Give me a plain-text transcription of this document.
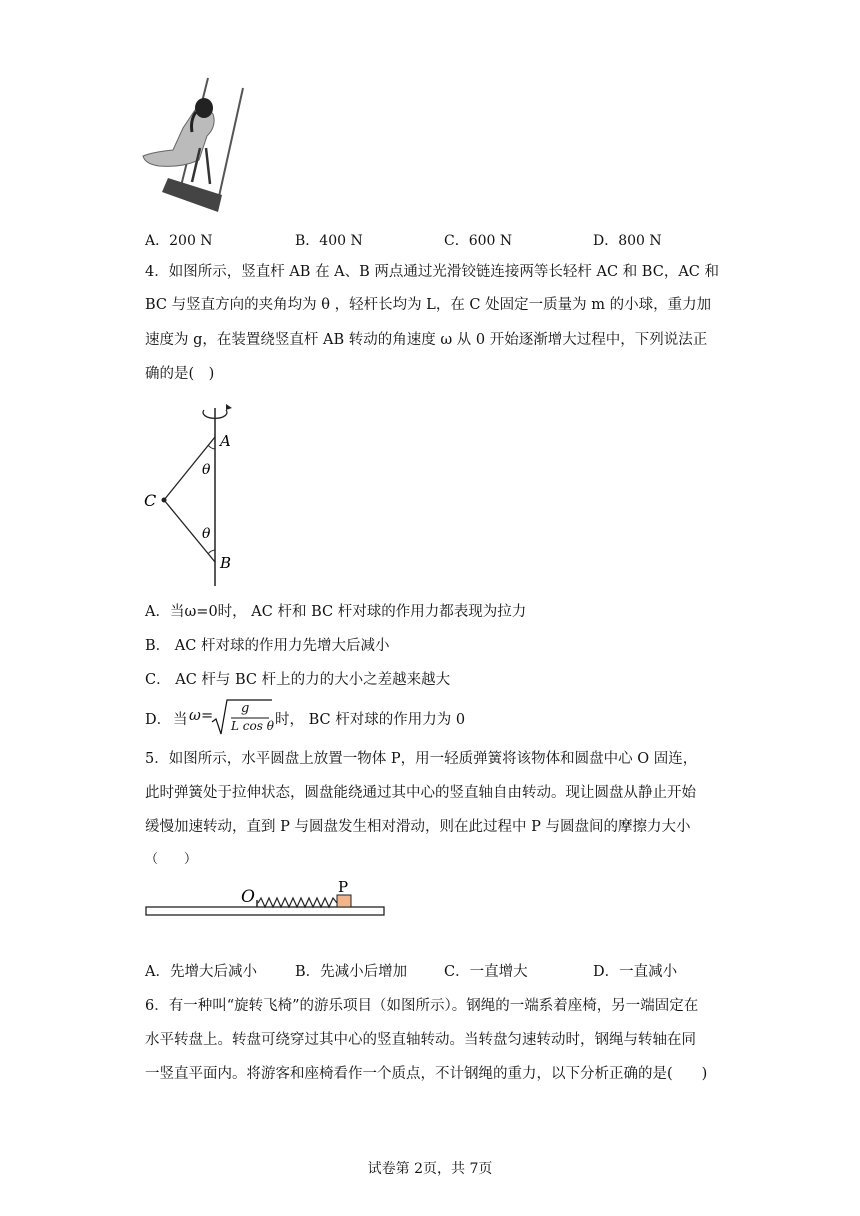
A．200 N	B．400 N	C．600 N	D．800 N
4．如图所示，竖直杆 AB 在 A、B 两点通过光滑铰链连接两等长轻杆 AC 和 BC，AC 和
BC 与竖直方向的夹角均为 θ ，轻杆长均为 L，在 C 处固定一质量为 m 的小球，重力加
速度为 g，在装置绕竖直杆 AB 转动的角速度 ω 从 0 开始逐渐增大过程中，下列说法正
确的是(　)
A
θ
C
θ
B
A．当ω=0时， AC 杆和 BC 杆对球的作用力都表现为拉力
B． AC 杆对球的作用力先增大后减小
C． AC 杆与 BC 杆上的力的大小之差越来越大
D． 当 ω = g
L cos θ 时， BC 杆对球的作用力为 0
5．如图所示，水平圆盘上放置一物体 P，用一轻质弹簧将该物体和圆盘中心 O 固连，
此时弹簧处于拉伸状态，圆盘能绕通过其中心的竖直轴自由转动。现让圆盘从静止开始
缓慢加速转动，直到 P 与圆盘发生相对滑动，则在此过程中 P 与圆盘间的摩擦力大小
（　　）
O	P
A．先增大后减小	B．先减小后增加	C．一直增大	D．一直减小
6．有一种叫“旋转飞椅”的游乐项目（如图所示）。钢绳的一端系着座椅，另一端固定在
水平转盘上。转盘可绕穿过其中心的竖直轴转动。当转盘匀速转动时，钢绳与转轴在同
一竖直平面内。将游客和座椅看作一个质点，不计钢绳的重力，以下分析正确的是(　　)
试卷第 2页，共 7页
